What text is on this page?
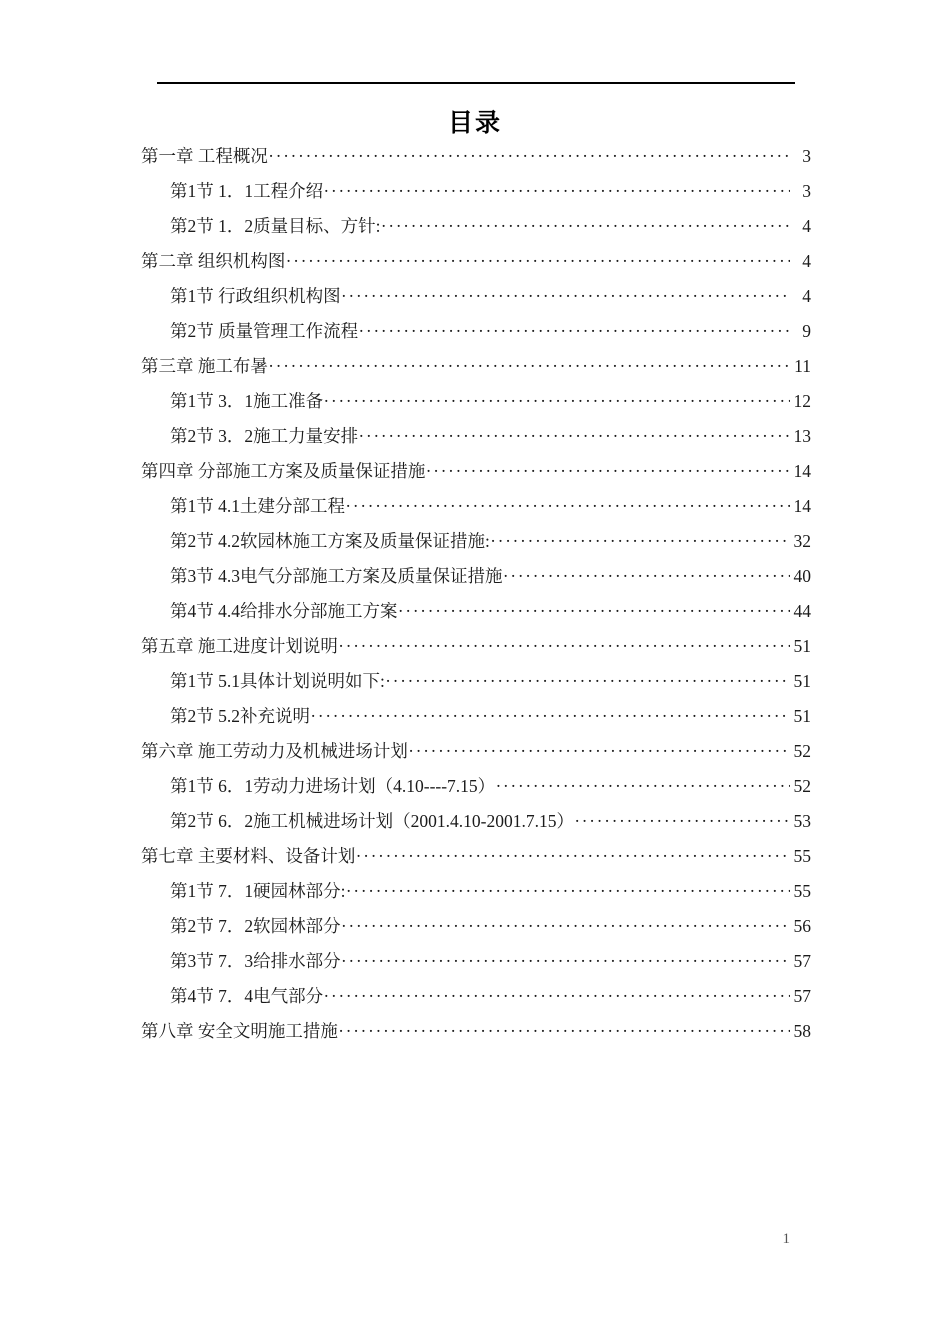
目录
第一章 工程概况 .....	3
第1节 1．1工程介绍 .....	3
第2节 1．2质量目标、方针: .....	4
第二章 组织机构图 .....	4
第1节 行政组织机构图 .....	4
第2节 质量管理工作流程 .....	9
第三章 施工布暑 .....	11
第1节 3．1施工准备 .....	12
第2节 3．2施工力量安排 .....	13
第四章 分部施工方案及质量保证措施 .....	14
第1节 4.1土建分部工程 .....	14
第2节 4.2软园林施工方案及质量保证措施: .....	32
第3节 4.3电气分部施工方案及质量保证措施 .....	40
第4节 4.4给排水分部施工方案 .....	44
第五章 施工进度计划说明 .....	51
第1节 5.1具体计划说明如下: .....	51
第2节 5.2补充说明 .....	51
第六章 施工劳动力及机械进场计划 .....	52
第1节 6．1劳动力进场计划（4.10----7.15） .....	52
第2节 6．2施工机械进场计划（2001.4.10-2001.7.15） .....	53
第七章 主要材料、设备计划 .....	55
第1节 7．1硬园林部分: .....	55
第2节 7．2软园林部分 .....	56
第3节 7．3给排水部分 .....	57
第4节 7．4电气部分 .....	57
第八章 安全文明施工措施 .....	58
1
